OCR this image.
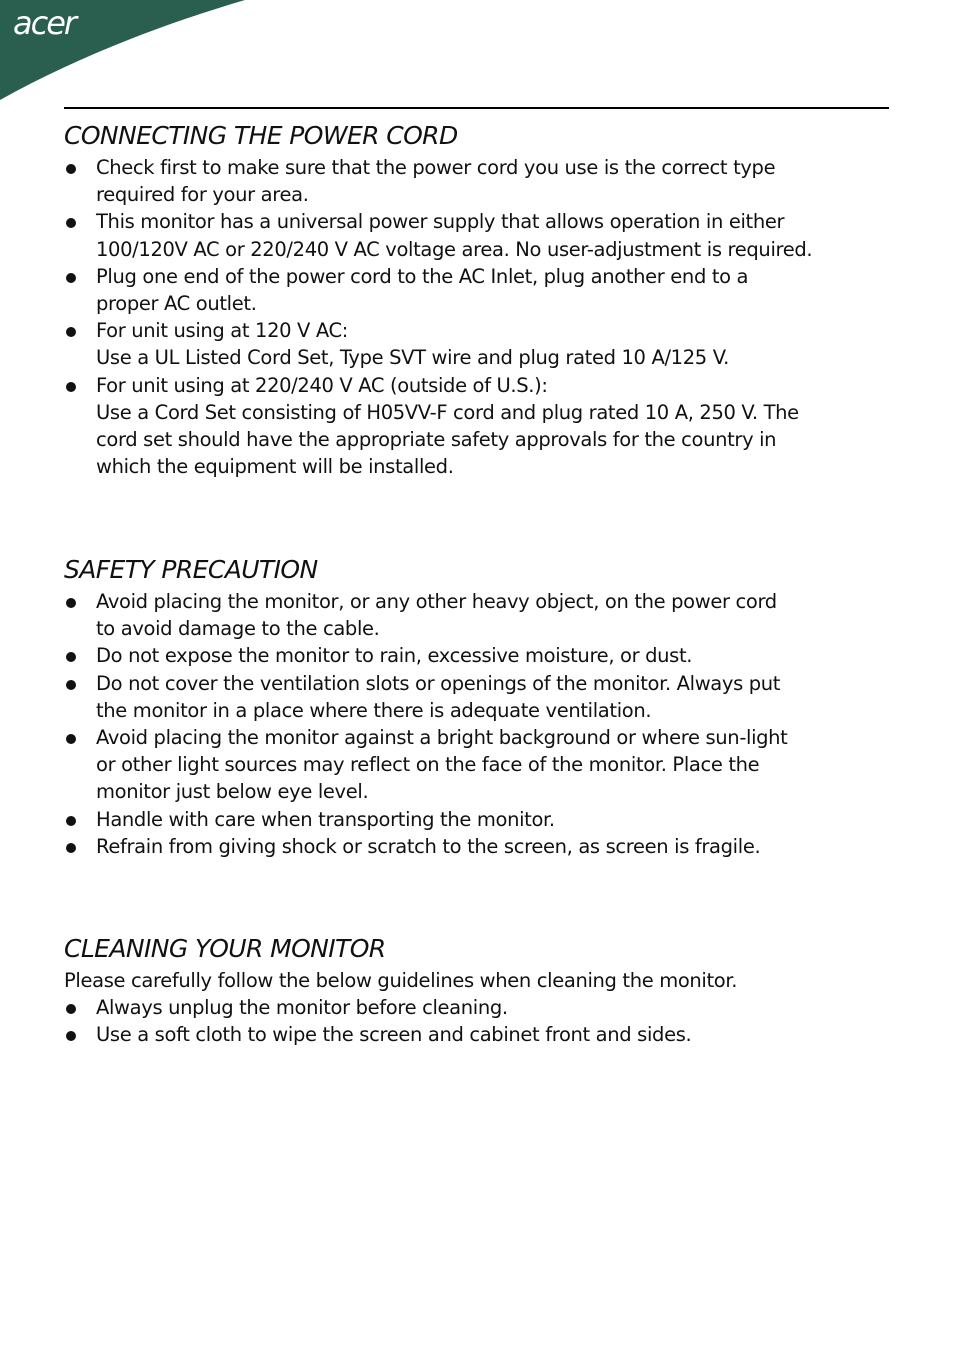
acer
CONNECTING THE POWER CORD
Check first to make sure that the power cord you use is the correct type
required for your area.
This monitor has a universal power supply that allows operation in either
100/120V AC or 220/240 V AC voltage area. No user-adjustment is required.
Plug one end of the power cord to the AC Inlet, plug another end to a
proper AC outlet.
For unit using at 120 V AC:
Use a UL Listed Cord Set, Type SVT wire and plug rated 10 A/125 V.
For unit using at 220/240 V AC (outside of U.S.):
Use a Cord Set consisting of H05VV-F cord and plug rated 10 A, 250 V. The
cord set should have the appropriate safety approvals for the country in
which the equipment will be installed.
SAFETY PRECAUTION
Avoid placing the monitor, or any other heavy object, on the power cord
to avoid damage to the cable.
Do not expose the monitor to rain, excessive moisture, or dust.
Do not cover the ventilation slots or openings of the monitor. Always put
the monitor in a place where there is adequate ventilation.
Avoid placing the monitor against a bright background or where sun-light
or other light sources may reflect on the face of the monitor. Place the
monitor just below eye level.
Handle with care when transporting the monitor.
Refrain from giving shock or scratch to the screen, as screen is fragile.
CLEANING YOUR MONITOR

Please carefully follow the below guidelines when cleaning the monitor.

Always unplug the monitor before cleaning.
Use a soft cloth to wipe the screen and cabinet front and sides.
